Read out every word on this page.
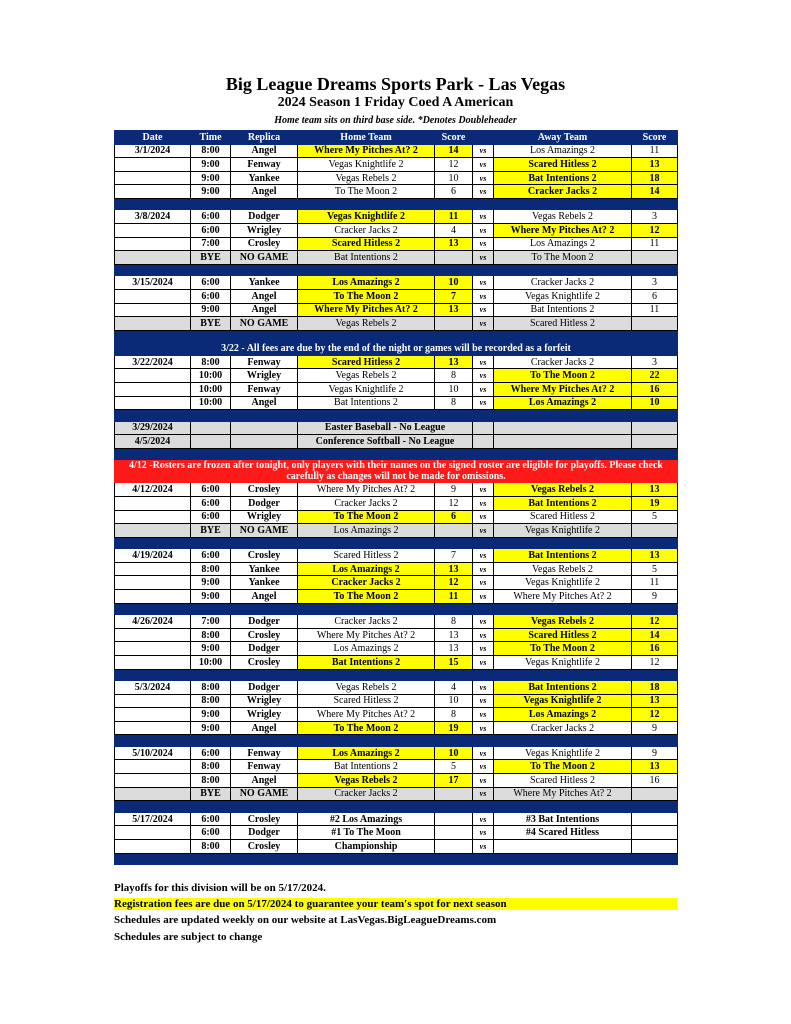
Big League Dreams Sports Park - Las Vegas
2024 Season 1 Friday Coed A American
Home team sits on third base side. *Denotes Doubleheader
Date	Time	Replica	Home Team	Score		Away Team	Score
3/1/2024	8:00	Angel	Where My Pitches At? 2	14	vs	Los Amazings 2	11
	9:00	Fenway	Vegas Knightlife 2	12	vs	Scared Hitless 2	13
	9:00	Yankee	Vegas Rebels 2	10	vs	Bat Intentions 2	18
	9:00	Angel	To The Moon 2	6	vs	Cracker Jacks 2	14

3/8/2024	6:00	Dodger	Vegas Knightlife 2	11	vs	Vegas Rebels 2	3
	6:00	Wrigley	Cracker Jacks 2	4	vs	Where My Pitches At? 2	12
	7:00	Crosley	Scared Hitless 2	13	vs	Los Amazings 2	11
	BYE	NO GAME	Bat Intentions 2		vs	To The Moon 2	

3/15/2024	6:00	Yankee	Los Amazings 2	10	vs	Cracker Jacks 2	3
	6:00	Angel	To The Moon 2	7	vs	Vegas Knightlife 2	6
	9:00	Angel	Where My Pitches At? 2	13	vs	Bat Intentions 2	11
	BYE	NO GAME	Vegas Rebels 2		vs	Scared Hitless 2	

3/22 - All fees are due by the end of the night or games will be recorded as a forfeit							
3/22/2024	8:00	Fenway	Scared Hitless 2	13	vs	Cracker Jacks 2	3
	10:00	Wrigley	Vegas Rebels 2	8	vs	To The Moon 2	22
	10:00	Fenway	Vegas Knightlife 2	10	vs	Where My Pitches At? 2	16
	10:00	Angel	Bat Intentions 2	8	vs	Los Amazings 2	10

3/29/2024			Easter Baseball - No League				
4/5/2024			Conference Softball - No League				

4/12 -Rosters are frozen after tonight, only players with their names on the signed roster are eligible for playoffs. Please check carefully as changes will not be made for omissions.							
4/12/2024	6:00	Crosley	Where My Pitches At? 2	9	vs	Vegas Rebels 2	13
	6:00	Dodger	Cracker Jacks 2	12	vs	Bat Intentions 2	19
	6:00	Wrigley	To The Moon 2	6	vs	Scared Hitless 2	5
	BYE	NO GAME	Los Amazings 2		vs	Vegas Knightlife 2	

4/19/2024	6:00	Crosley	Scared Hitless 2	7	vs	Bat Intentions 2	13
	8:00	Yankee	Los Amazings 2	13	vs	Vegas Rebels 2	5
	9:00	Yankee	Cracker Jacks 2	12	vs	Vegas Knightlife 2	11
	9:00	Angel	To The Moon 2	11	vs	Where My Pitches At? 2	9

4/26/2024	7:00	Dodger	Cracker Jacks 2	8	vs	Vegas Rebels 2	12
	8:00	Crosley	Where My Pitches At? 2	13	vs	Scared Hitless 2	14
	9:00	Dodger	Los Amazings 2	13	vs	To The Moon 2	16
	10:00	Crosley	Bat Intentions 2	15	vs	Vegas Knightlife 2	12

5/3/2024	8:00	Dodger	Vegas Rebels 2	4	vs	Bat Intentions 2	18
	8:00	Wrigley	Scared Hitless 2	10	vs	Vegas Knightlife 2	13
	9:00	Wrigley	Where My Pitches At? 2	8	vs	Los Amazings 2	12
	9:00	Angel	To The Moon 2	19	vs	Cracker Jacks 2	9

5/10/2024	6:00	Fenway	Los Amazings 2	10	vs	Vegas Knightlife 2	9
	8:00	Fenway	Bat Intentions 2	5	vs	To The Moon 2	13
	8:00	Angel	Vegas Rebels 2	17	vs	Scared Hitless 2	16
	BYE	NO GAME	Cracker Jacks 2		vs	Where My Pitches At? 2	

5/17/2024	6:00	Crosley	#2 Los Amazings		vs	#3 Bat Intentions	
	6:00	Dodger	#1 To The Moon		vs	#4 Scared Hitless	
	8:00	Crosley	Championship		vs		

Playoffs for this division will be on 5/17/2024.
Registration fees are due on 5/17/2024 to guarantee your team's spot for next season
Schedules are updated weekly on our website at LasVegas.BigLeagueDreams.com
Schedules are subject to change
